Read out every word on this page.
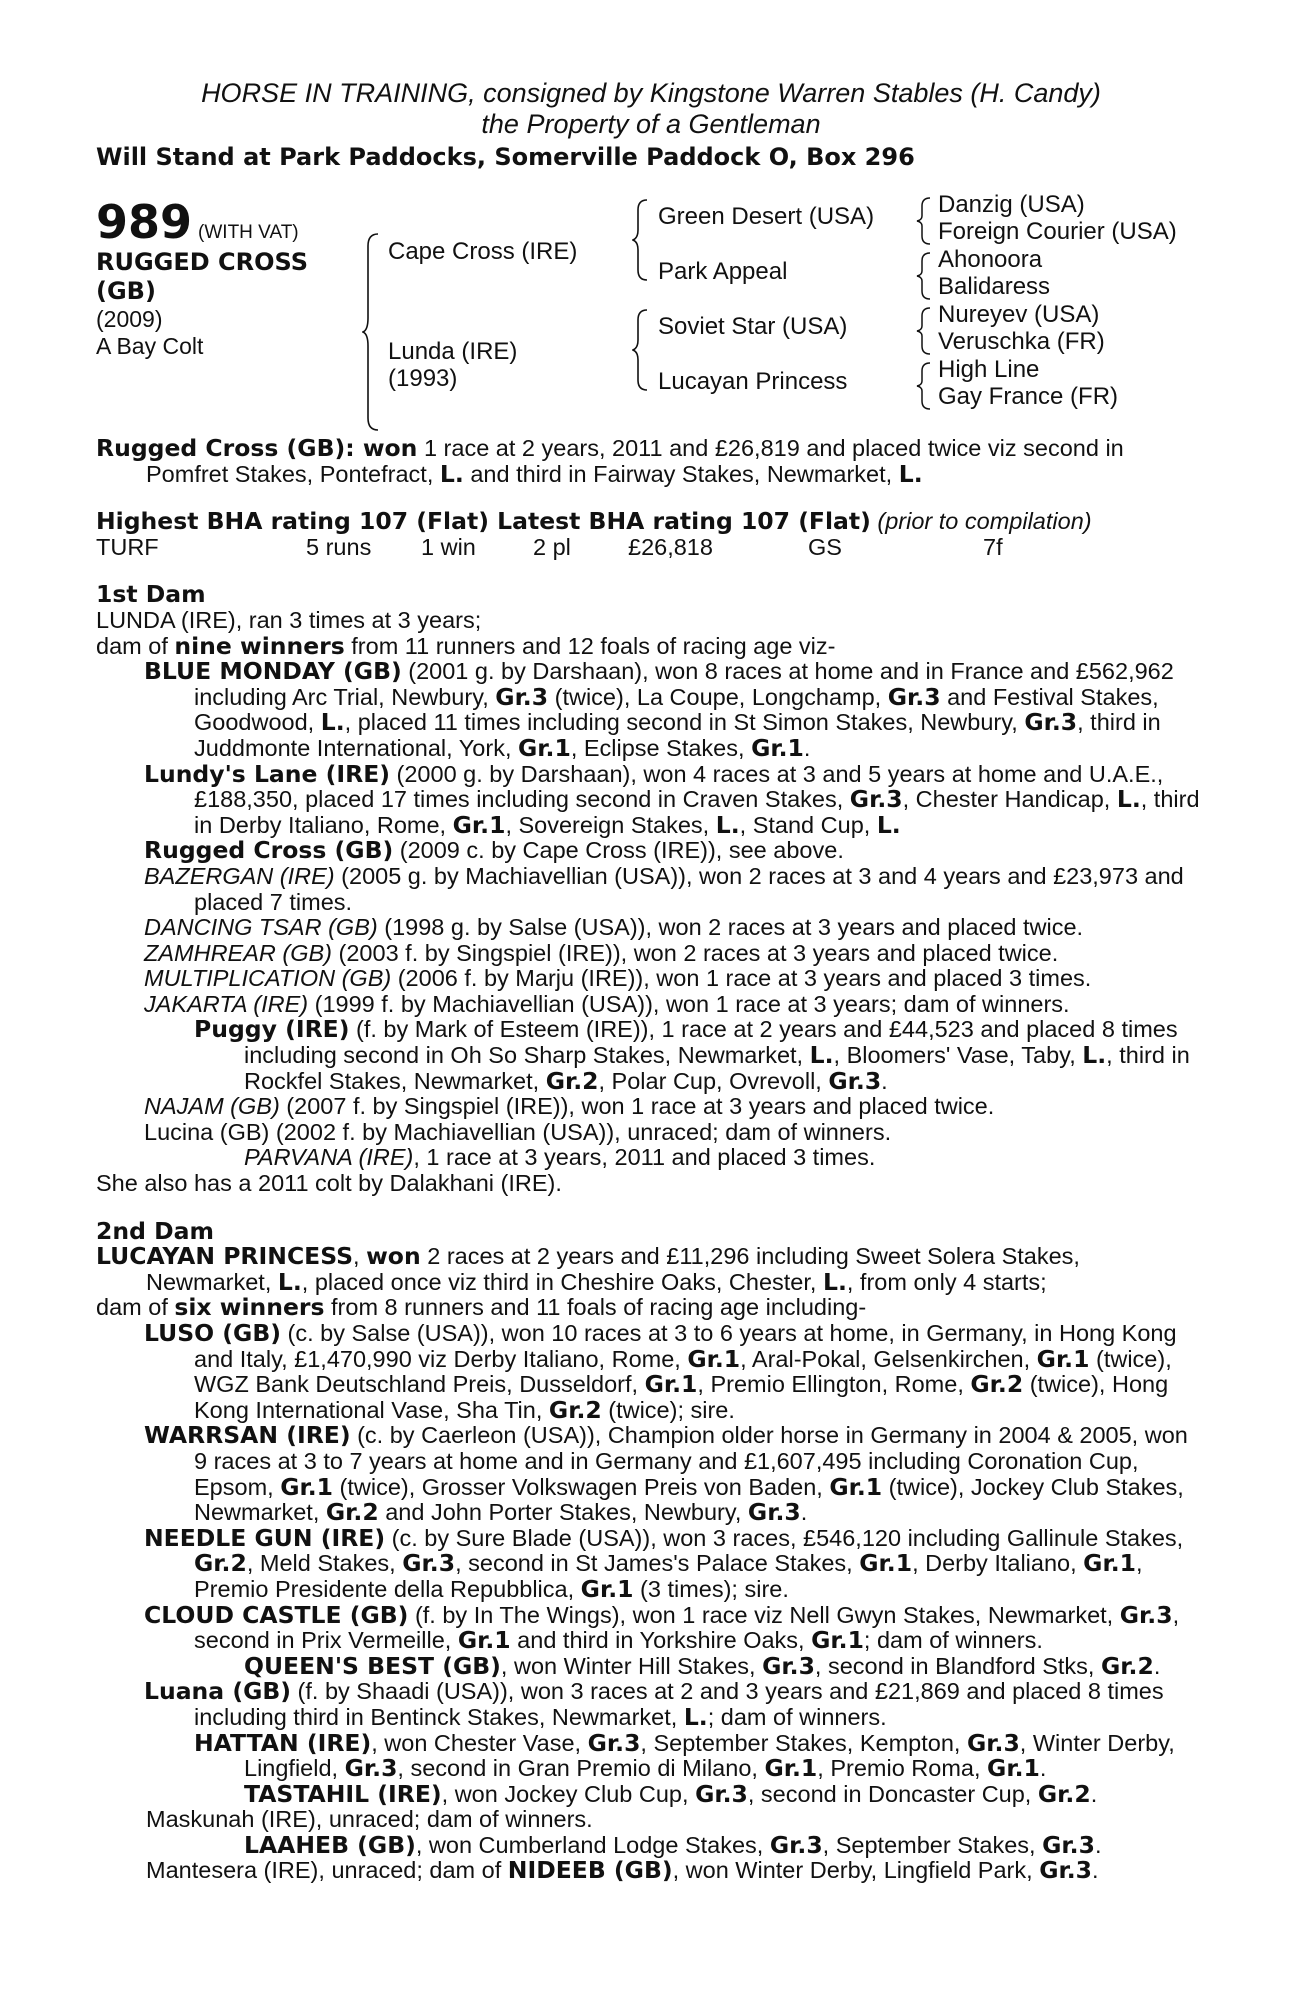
HORSE IN TRAINING, consigned by Kingstone Warren Stables (H. Candy)
the Property of a Gentleman
Will Stand at Park Paddocks, Somerville Paddock O, Box 296
989 (WITH VAT)
RUGGED CROSS
(GB)
(2009)
A Bay Colt
Cape Cross (IRE)
Lunda (IRE)
(1993)
Green Desert (USA)
Park Appeal
Soviet Star (USA)
Lucayan Princess
Danzig (USA)
Foreign Courier (USA)
Ahonoora
Balidaress
Nureyev (USA)
Veruschka (FR)
High Line
Gay France (FR)

Rugged Cross (GB): won 1 race at 2 years, 2011 and £26,819 and placed twice viz second in Pomfret Stakes, Pontefract, L. and third in Fairway Stakes, Newmarket, L.

Highest BHA rating 107 (Flat) Latest BHA rating 107 (Flat) (prior to compilation)

TURF	5 runs	1 win	2 pl	£26,818	GS	7f

1st Dam

LUNDA (IRE), ran 3 times at 3 years;

dam of nine winners from 11 runners and 12 foals of racing age viz-

BLUE MONDAY (GB) (2001 g. by Darshaan), won 8 races at home and in France and £562,962 including Arc Trial, Newbury, Gr.3 (twice), La Coupe, Longchamp, Gr.3 and Festival Stakes, Goodwood, L., placed 11 times including second in St Simon Stakes, Newbury, Gr.3, third in Juddmonte International, York, Gr.1, Eclipse Stakes, Gr.1.

Lundy's Lane (IRE) (2000 g. by Darshaan), won 4 races at 3 and 5 years at home and U.A.E., £188,350, placed 17 times including second in Craven Stakes, Gr.3, Chester Handicap, L., third in Derby Italiano, Rome, Gr.1, Sovereign Stakes, L., Stand Cup, L.

Rugged Cross (GB) (2009 c. by Cape Cross (IRE)), see above.

BAZERGAN (IRE) (2005 g. by Machiavellian (USA)), won 2 races at 3 and 4 years and £23,973 and placed 7 times.

DANCING TSAR (GB) (1998 g. by Salse (USA)), won 2 races at 3 years and placed twice.

ZAMHREAR (GB) (2003 f. by Singspiel (IRE)), won 2 races at 3 years and placed twice.

MULTIPLICATION (GB) (2006 f. by Marju (IRE)), won 1 race at 3 years and placed 3 times.

JAKARTA (IRE) (1999 f. by Machiavellian (USA)), won 1 race at 3 years; dam of winners.

Puggy (IRE) (f. by Mark of Esteem (IRE)), 1 race at 2 years and £44,523 and placed 8 times including second in Oh So Sharp Stakes, Newmarket, L., Bloomers' Vase, Taby, L., third in Rockfel Stakes, Newmarket, Gr.2, Polar Cup, Ovrevoll, Gr.3.

NAJAM (GB) (2007 f. by Singspiel (IRE)), won 1 race at 3 years and placed twice.

Lucina (GB) (2002 f. by Machiavellian (USA)), unraced; dam of winners.

PARVANA (IRE), 1 race at 3 years, 2011 and placed 3 times.

She also has a 2011 colt by Dalakhani (IRE).

2nd Dam

LUCAYAN PRINCESS, won 2 races at 2 years and £11,296 including Sweet Solera Stakes, Newmarket, L., placed once viz third in Cheshire Oaks, Chester, L., from only 4 starts;

dam of six winners from 8 runners and 11 foals of racing age including-

LUSO (GB) (c. by Salse (USA)), won 10 races at 3 to 6 years at home, in Germany, in Hong Kong and Italy, £1,470,990 viz Derby Italiano, Rome, Gr.1, Aral-Pokal, Gelsenkirchen, Gr.1 (twice), WGZ Bank Deutschland Preis, Dusseldorf, Gr.1, Premio Ellington, Rome, Gr.2 (twice), Hong Kong International Vase, Sha Tin, Gr.2 (twice); sire.

WARRSAN (IRE) (c. by Caerleon (USA)), Champion older horse in Germany in 2004 & 2005, won 9 races at 3 to 7 years at home and in Germany and £1,607,495 including Coronation Cup, Epsom, Gr.1 (twice), Grosser Volkswagen Preis von Baden, Gr.1 (twice), Jockey Club Stakes, Newmarket, Gr.2 and John Porter Stakes, Newbury, Gr.3.

NEEDLE GUN (IRE) (c. by Sure Blade (USA)), won 3 races, £546,120 including Gallinule Stakes, Gr.2, Meld Stakes, Gr.3, second in St James's Palace Stakes, Gr.1, Derby Italiano, Gr.1, Premio Presidente della Repubblica, Gr.1 (3 times); sire.

CLOUD CASTLE (GB) (f. by In The Wings), won 1 race viz Nell Gwyn Stakes, Newmarket, Gr.3, second in Prix Vermeille, Gr.1 and third in Yorkshire Oaks, Gr.1; dam of winners.

QUEEN'S BEST (GB), won Winter Hill Stakes, Gr.3, second in Blandford Stks, Gr.2.

Luana (GB) (f. by Shaadi (USA)), won 3 races at 2 and 3 years and £21,869 and placed 8 times including third in Bentinck Stakes, Newmarket, L.; dam of winners.

HATTAN (IRE), won Chester Vase, Gr.3, September Stakes, Kempton, Gr.3, Winter Derby, Lingfield, Gr.3, second in Gran Premio di Milano, Gr.1, Premio Roma, Gr.1.

TASTAHIL (IRE), won Jockey Club Cup, Gr.3, second in Doncaster Cup, Gr.2.

Maskunah (IRE), unraced; dam of winners.

LAAHEB (GB), won Cumberland Lodge Stakes, Gr.3, September Stakes, Gr.3.

Mantesera (IRE), unraced; dam of NIDEEB (GB), won Winter Derby, Lingfield Park, Gr.3.
